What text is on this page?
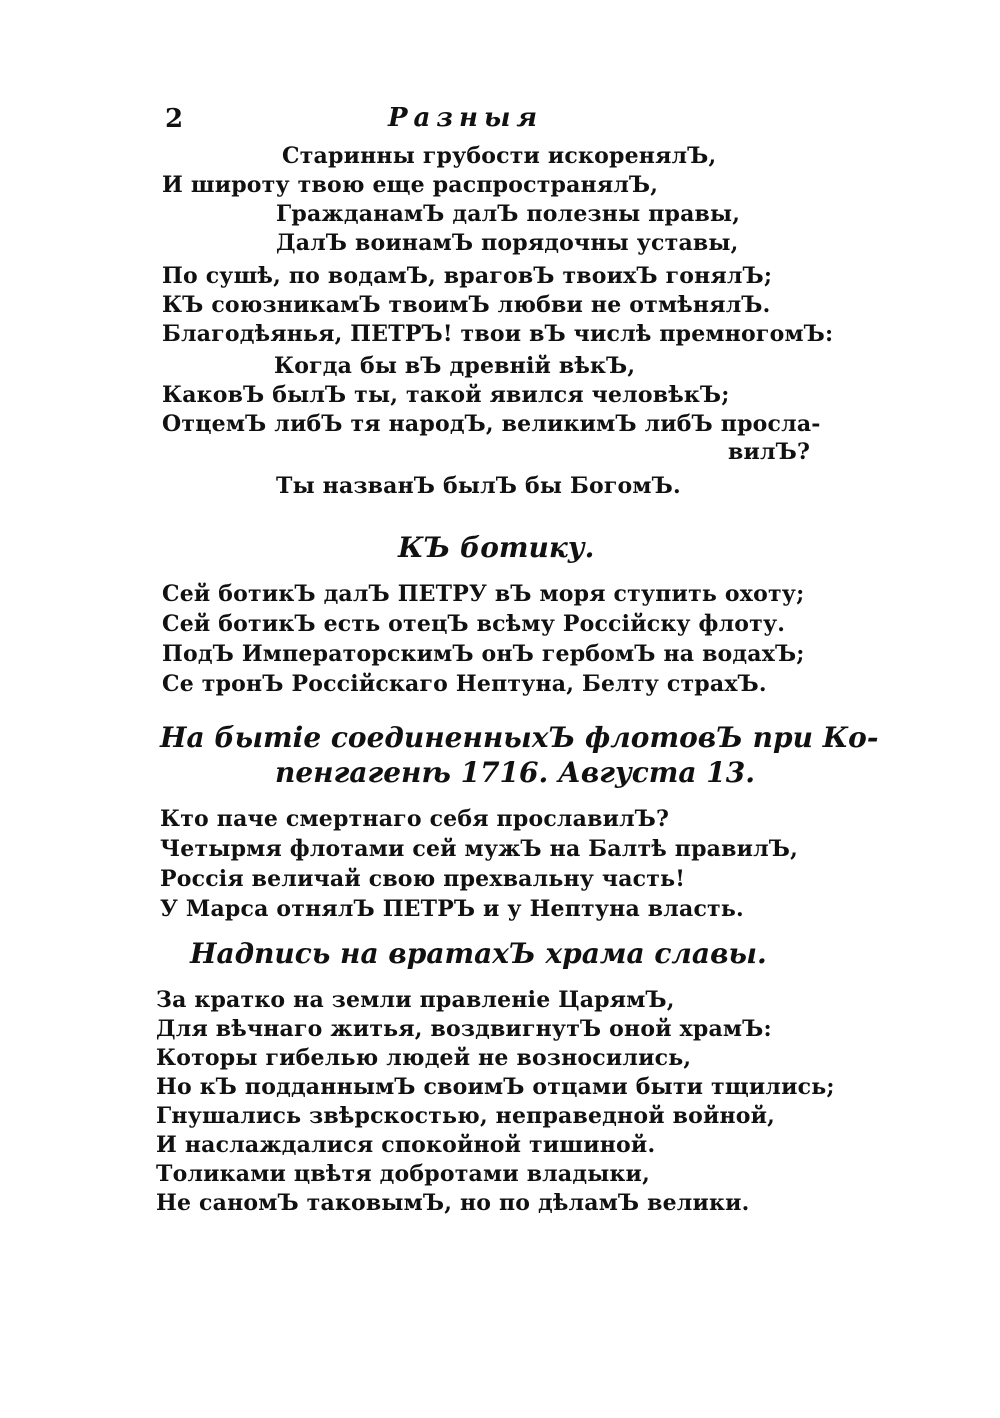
2	Разныя
Старинны грубости искоренялЪ,
И широту твою еще распространялЪ,
ГражданамЪ далЪ полезны правы,
ДалЪ воинамЪ порядочны уставы,
По сушѣ, по водамЪ, враговЪ твоихЪ гонялЪ;
КЪ союзникамЪ твоимЪ любви не отмѣнялЪ.
Благодѣянья, ПЕТРЪ! твои вЪ числѣ премногомЪ:
Когда бы вЪ древній вѣкЪ,
КаковЪ былЪ ты, такой явился человѣкЪ;
ОтцемЪ либЪ тя народЪ, великимЪ либЪ просла-
вилЪ?
Ты названЪ былЪ бы БогомЪ.
КЪ ботику.
Сей ботикЪ далЪ ПЕТРУ вЪ моря ступить охоту;
Сей ботикЪ есть отецЪ всѣму Россійску флоту.
ПодЪ ИмператорскимЪ онЪ гербомЪ на водахЪ;
Се тронЪ Россійскаго Нептуна, Белту страхЪ.
На бытіе соединенныхЪ флотовЪ при Ко-
пенгагенѣ 1716. Августа 13.
Кто паче смертнаго себя прославилЪ?
Четырмя флотами сей мужЪ на Балтѣ правилЪ,
Россія величай свою прехвальну часть!
У Марса отнялЪ ПЕТРЪ и у Нептуна власть.
Надпись на вратахЪ храма славы.
За кратко на земли правленіе ЦарямЪ,
Для вѣчнаго житья, воздвигнутЪ оной храмЪ:
Которы гибелью людей не возносились,
Но кЪ подданнымЪ своимЪ отцами быти тщились;
Гнушались звѣрскостью, неправедной войной,
И наслаждалися спокойной тишиной.
Толиками цвѣтя добротами владыки,
Не саномЪ таковымЪ, но по дѣламЪ велики.
